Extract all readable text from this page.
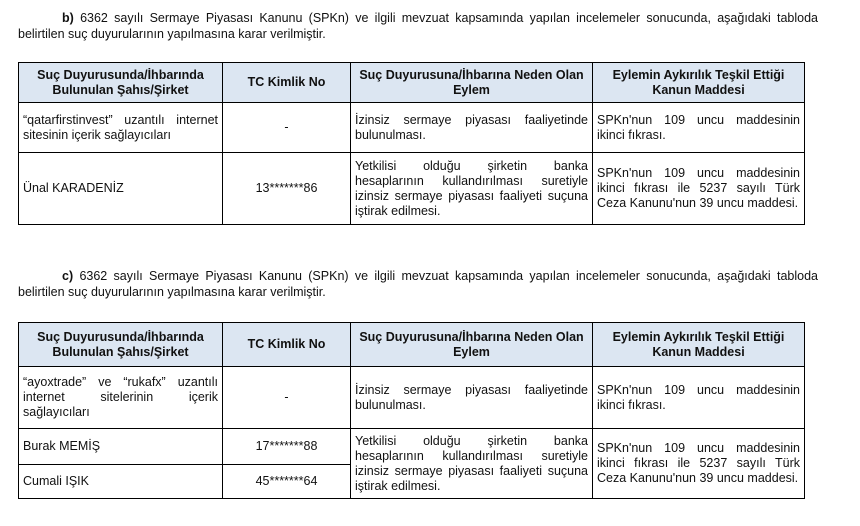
b) 6362 sayılı Sermaye Piyasası Kanunu (SPKn) ve ilgili mevzuat kapsamında yapılan incelemeler sonucunda, aşağıdaki tabloda belirtilen suç duyurularının yapılmasına karar verilmiştir.

Suç Duyurusunda/İhbarında Bulunulan Şahıs/Şirket	TC Kimlik No	Suç Duyurusuna/İhbarına Neden Olan Eylem	Eylemin Aykırılık Teşkil Ettiği Kanun Maddesi
“qatarfirstinvest” uzantılı internet sitesinin içerik sağlayıcıları	-	İzinsiz sermaye piyasası faaliyetinde bulunulması.	SPKn'nun 109 uncu maddesinin ikinci fıkrası.
Ünal KARADENİZ	13*******86	Yetkilisi olduğu şirketin banka hesaplarının kullandırılması suretiyle izinsiz sermaye piyasası faaliyeti suçuna iştirak edilmesi.	SPKn'nun 109 uncu maddesinin ikinci fıkrası ile 5237 sayılı Türk Ceza Kanunu'nun 39 uncu maddesi.

c) 6362 sayılı Sermaye Piyasası Kanunu (SPKn) ve ilgili mevzuat kapsamında yapılan incelemeler sonucunda, aşağıdaki tabloda belirtilen suç duyurularının yapılmasına karar verilmiştir.

Suç Duyurusunda/İhbarında Bulunulan Şahıs/Şirket	TC Kimlik No	Suç Duyurusuna/İhbarına Neden Olan Eylem	Eylemin Aykırılık Teşkil Ettiği Kanun Maddesi
“ayoxtrade” ve “rukafx” uzantılı internet sitelerinin içerik sağlayıcıları	-	İzinsiz sermaye piyasası faaliyetinde bulunulması.	SPKn'nun 109 uncu maddesinin ikinci fıkrası.
Burak MEMİŞ	17*******88	Yetkilisi olduğu şirketin banka hesaplarının kullandırılması suretiyle izinsiz sermaye piyasası faaliyeti suçuna iştirak edilmesi.	SPKn'nun 109 uncu maddesinin ikinci fıkrası ile 5237 sayılı Türk Ceza Kanunu'nun 39 uncu maddesi.
Cumali IŞIK	45*******64		
